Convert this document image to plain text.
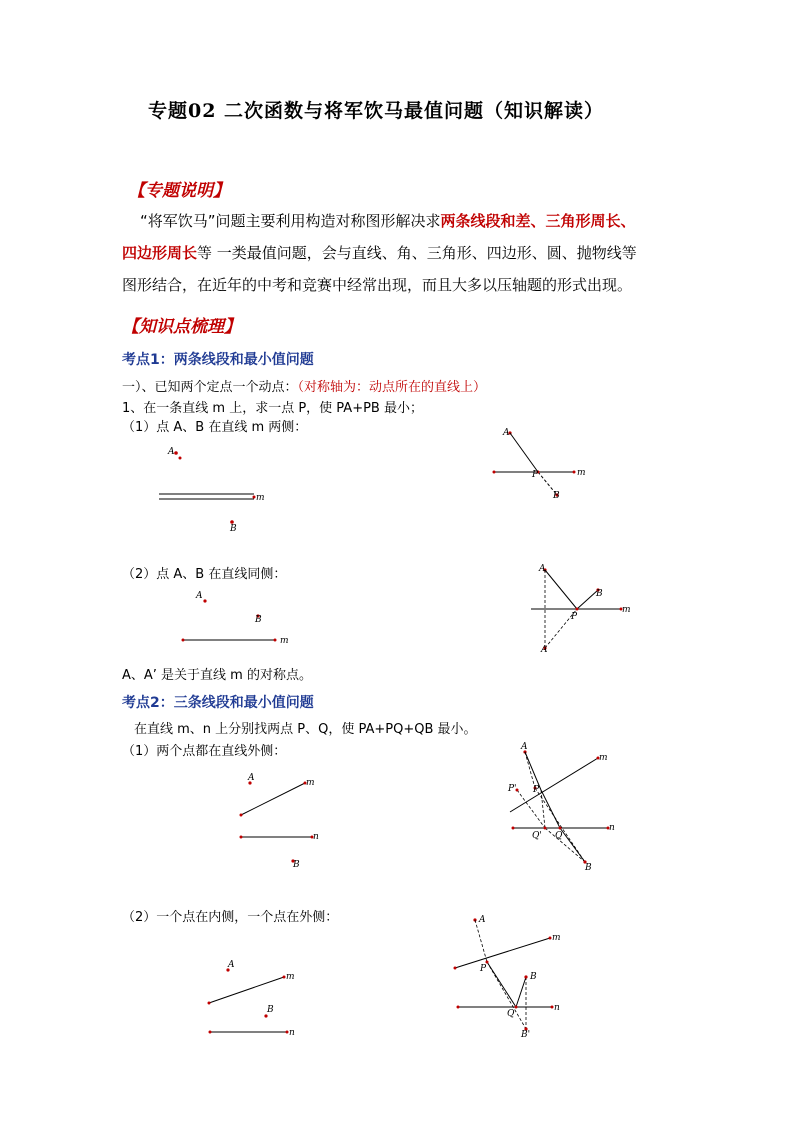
专题02 二次函数与将军饮马最值问题（知识解读）
【专题说明】
“将军饮马”问题主要利用构造对称图形解决求两条线段和差、三角形周长、
四边形周长等 一类最值问题，会与直线、角、三角形、四边形、圆、抛物线等
图形结合，在近年的中考和竞赛中经常出现，而且大多以压轴题的形式出现。
【知识点梳理】
考点1：两条线段和最小值问题
一）、已知两个定点一个动点：（对称轴为：动点所在的直线上）
1、在一条直线 m 上，求一点 P，使 PA+PB 最小；
（1）点 A、B 在直线 m 两侧：
A
m
B
A
P	m
B
（2）点 A、B 在直线同侧：
A
B
m
A
m
B
P
A
A、A’ 是关于直线 m 的对称点。
考点2：三条线段和最小值问题
在直线 m、n 上分别找两点 P、Q，使 PA+PQ+QB 最小。
（1）两个点都在直线外侧：
A	m
n
B
A
m
n
P' P
Q' Q
B
（2）一个点在内侧，一个点在外侧：
A
m
B
n
A
m
n
P
B
Q
B'
